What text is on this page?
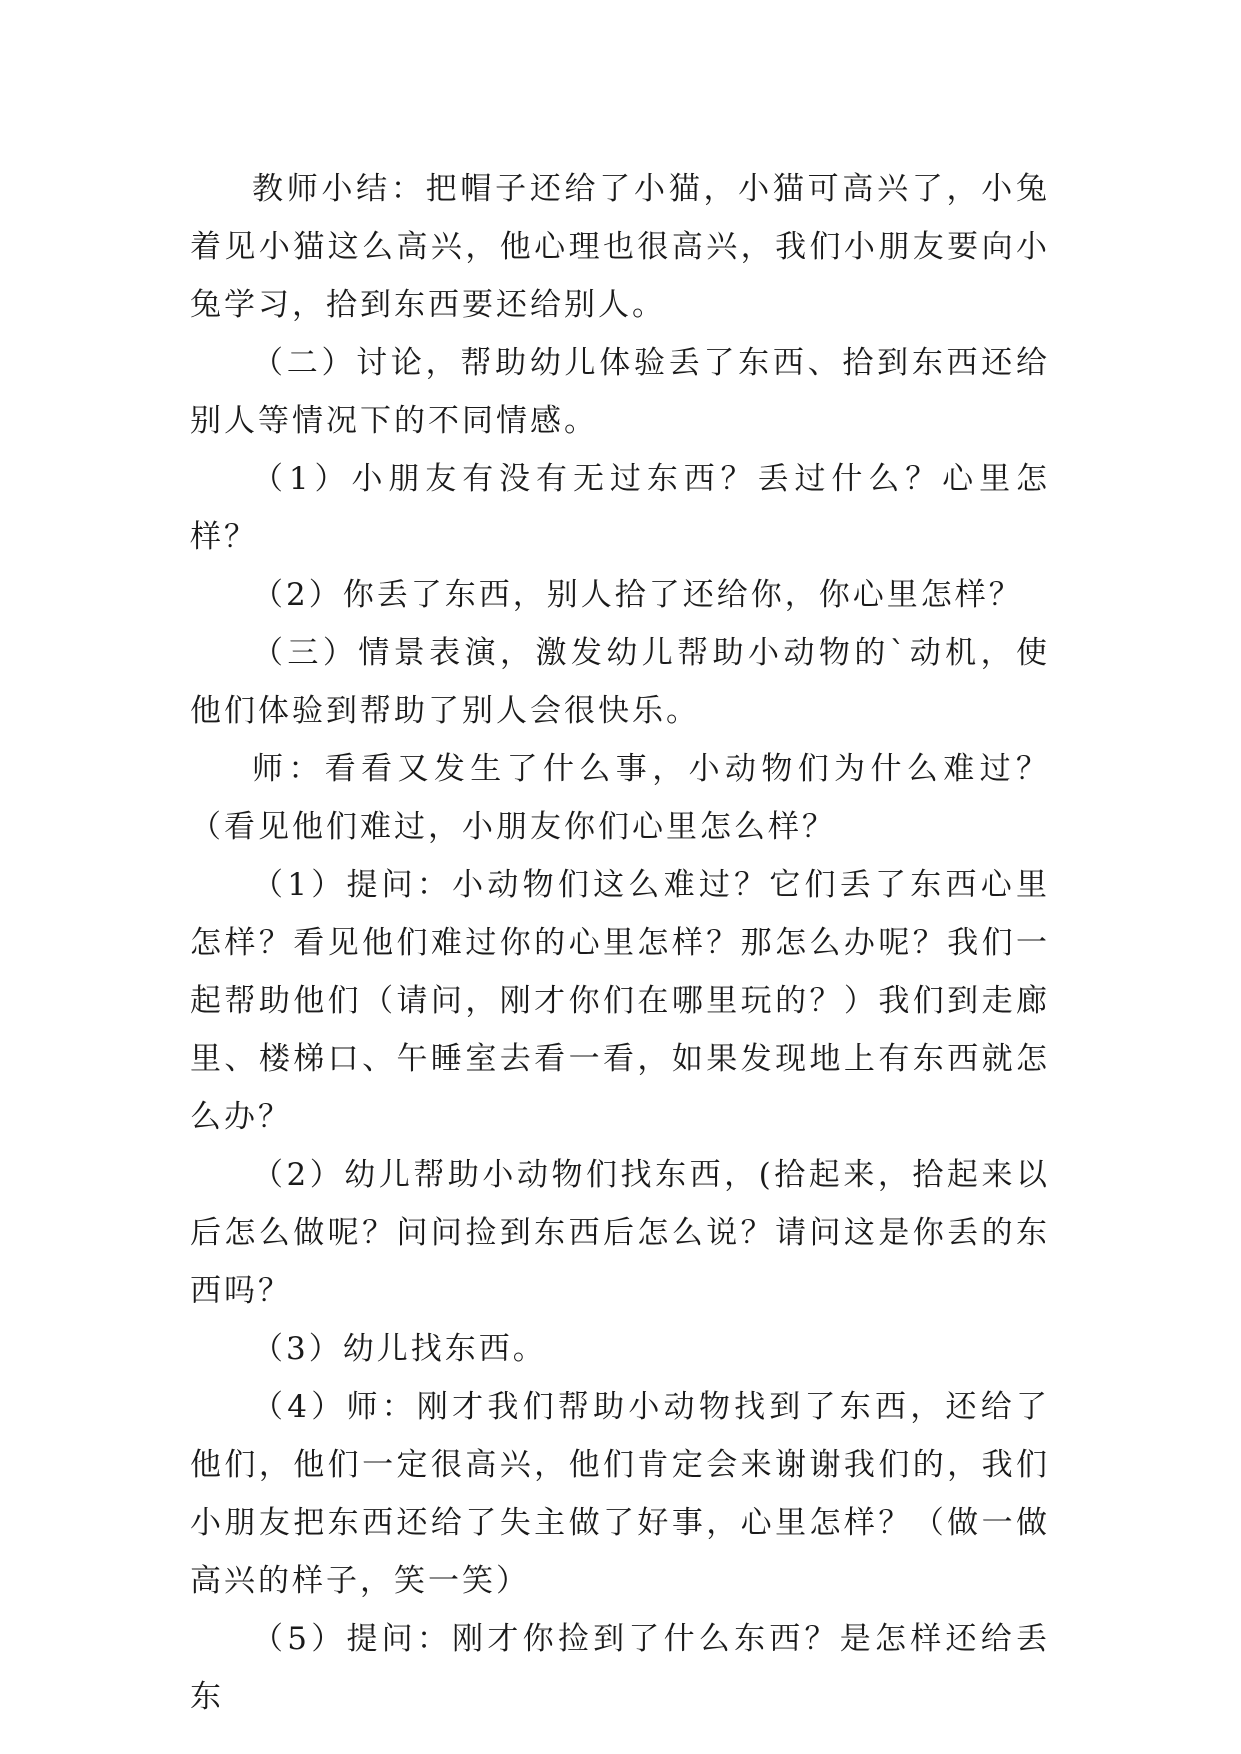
教师小结：把帽子还给了小猫，小猫可高兴了，小兔着见小猫这么高兴，他心理也很高兴，我们小朋友要向小兔学习，拾到东西要还给别人。

（二）讨论，帮助幼儿体验丢了东西、拾到东西还给别人等情况下的不同情感。

（1）小朋友有没有无过东西？丢过什么？心里怎样？

（2）你丢了东西，别人拾了还给你，你心里怎样？

（三）情景表演，激发幼儿帮助小动物的`动机，使他们体验到帮助了别人会很快乐。

师：看看又发生了什么事，小动物们为什么难过？（看见他们难过，小朋友你们心里怎么样？

（1）提问：小动物们这么难过？它们丢了东西心里怎样？看见他们难过你的心里怎样？那怎么办呢？我们一起帮助他们（请问，刚才你们在哪里玩的？）我们到走廊里、楼梯口、午睡室去看一看，如果发现地上有东西就怎么办？

（2）幼儿帮助小动物们找东西，(拾起来，拾起来以后怎么做呢？问问捡到东西后怎么说？请问这是你丢的东西吗？

（3）幼儿找东西。

（4）师：刚才我们帮助小动物找到了东西，还给了他们，他们一定很高兴，他们肯定会来谢谢我们的，我们小朋友把东西还给了失主做了好事，心里怎样？（做一做高兴的样子，笑一笑）

（5）提问：刚才你捡到了什么东西？是怎样还给丢东
